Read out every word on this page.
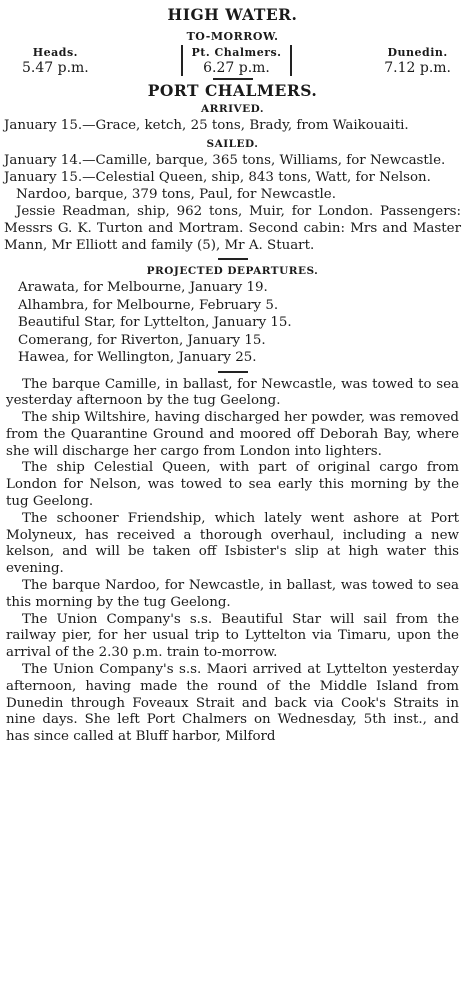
HIGH WATER.
TO-MORROW.
Heads.
5.47 p.m.
Pt. Chalmers.
6.27 p.m.
Dunedin.
7.12 p.m.
PORT CHALMERS.
ARRIVED.
January 15.—Grace, ketch, 25 tons, Brady, from Waikouaiti.
SAILED.
January 14.—Camille, barque, 365 tons, Williams, for Newcastle.
January 15.—Celestial Queen, ship, 843 tons, Watt, for Nelson.
Nardoo, barque, 379 tons, Paul, for Newcastle.
Jessie Readman, ship, 962 tons, Muir, for London. Passengers: Messrs G. K. Turton and Mortram. Second cabin: Mrs and Master Mann, Mr Elliott and family (5), Mr A. Stuart.
PROJECTED DEPARTURES.
Arawata, for Melbourne, January 19.
Alhambra, for Melbourne, February 5.
Beautiful Star, for Lyttelton, January 15.
Comerang, for Riverton, January 15.
Hawea, for Wellington, January 25.
The barque Camille, in ballast, for Newcastle, was towed to sea yesterday afternoon by the tug Geelong.
The ship Wiltshire, having discharged her powder, was removed from the Quarantine Ground and moored off Deborah Bay, where she will discharge her cargo from London into lighters.
The ship Celestial Queen, with part of original cargo from London for Nelson, was towed to sea early this morning by the tug Geelong.
The schooner Friendship, which lately went ashore at Port Molyneux, has received a thorough overhaul, including a new kelson, and will be taken off Isbister's slip at high water this evening.
The barque Nardoo, for Newcastle, in ballast, was towed to sea this morning by the tug Geelong.
The Union Company's s.s. Beautiful Star will sail from the railway pier, for her usual trip to Lyttelton via Timaru, upon the arrival of the 2.30 p.m. train to-morrow.
The Union Company's s.s. Maori arrived at Lyttelton yesterday afternoon, having made the round of the Middle Island from Dunedin through Foveaux Strait and back via Cook's Straits in nine days. She left Port Chalmers on Wednesday, 5th inst., and has since called at Bluff harbor, Milford
